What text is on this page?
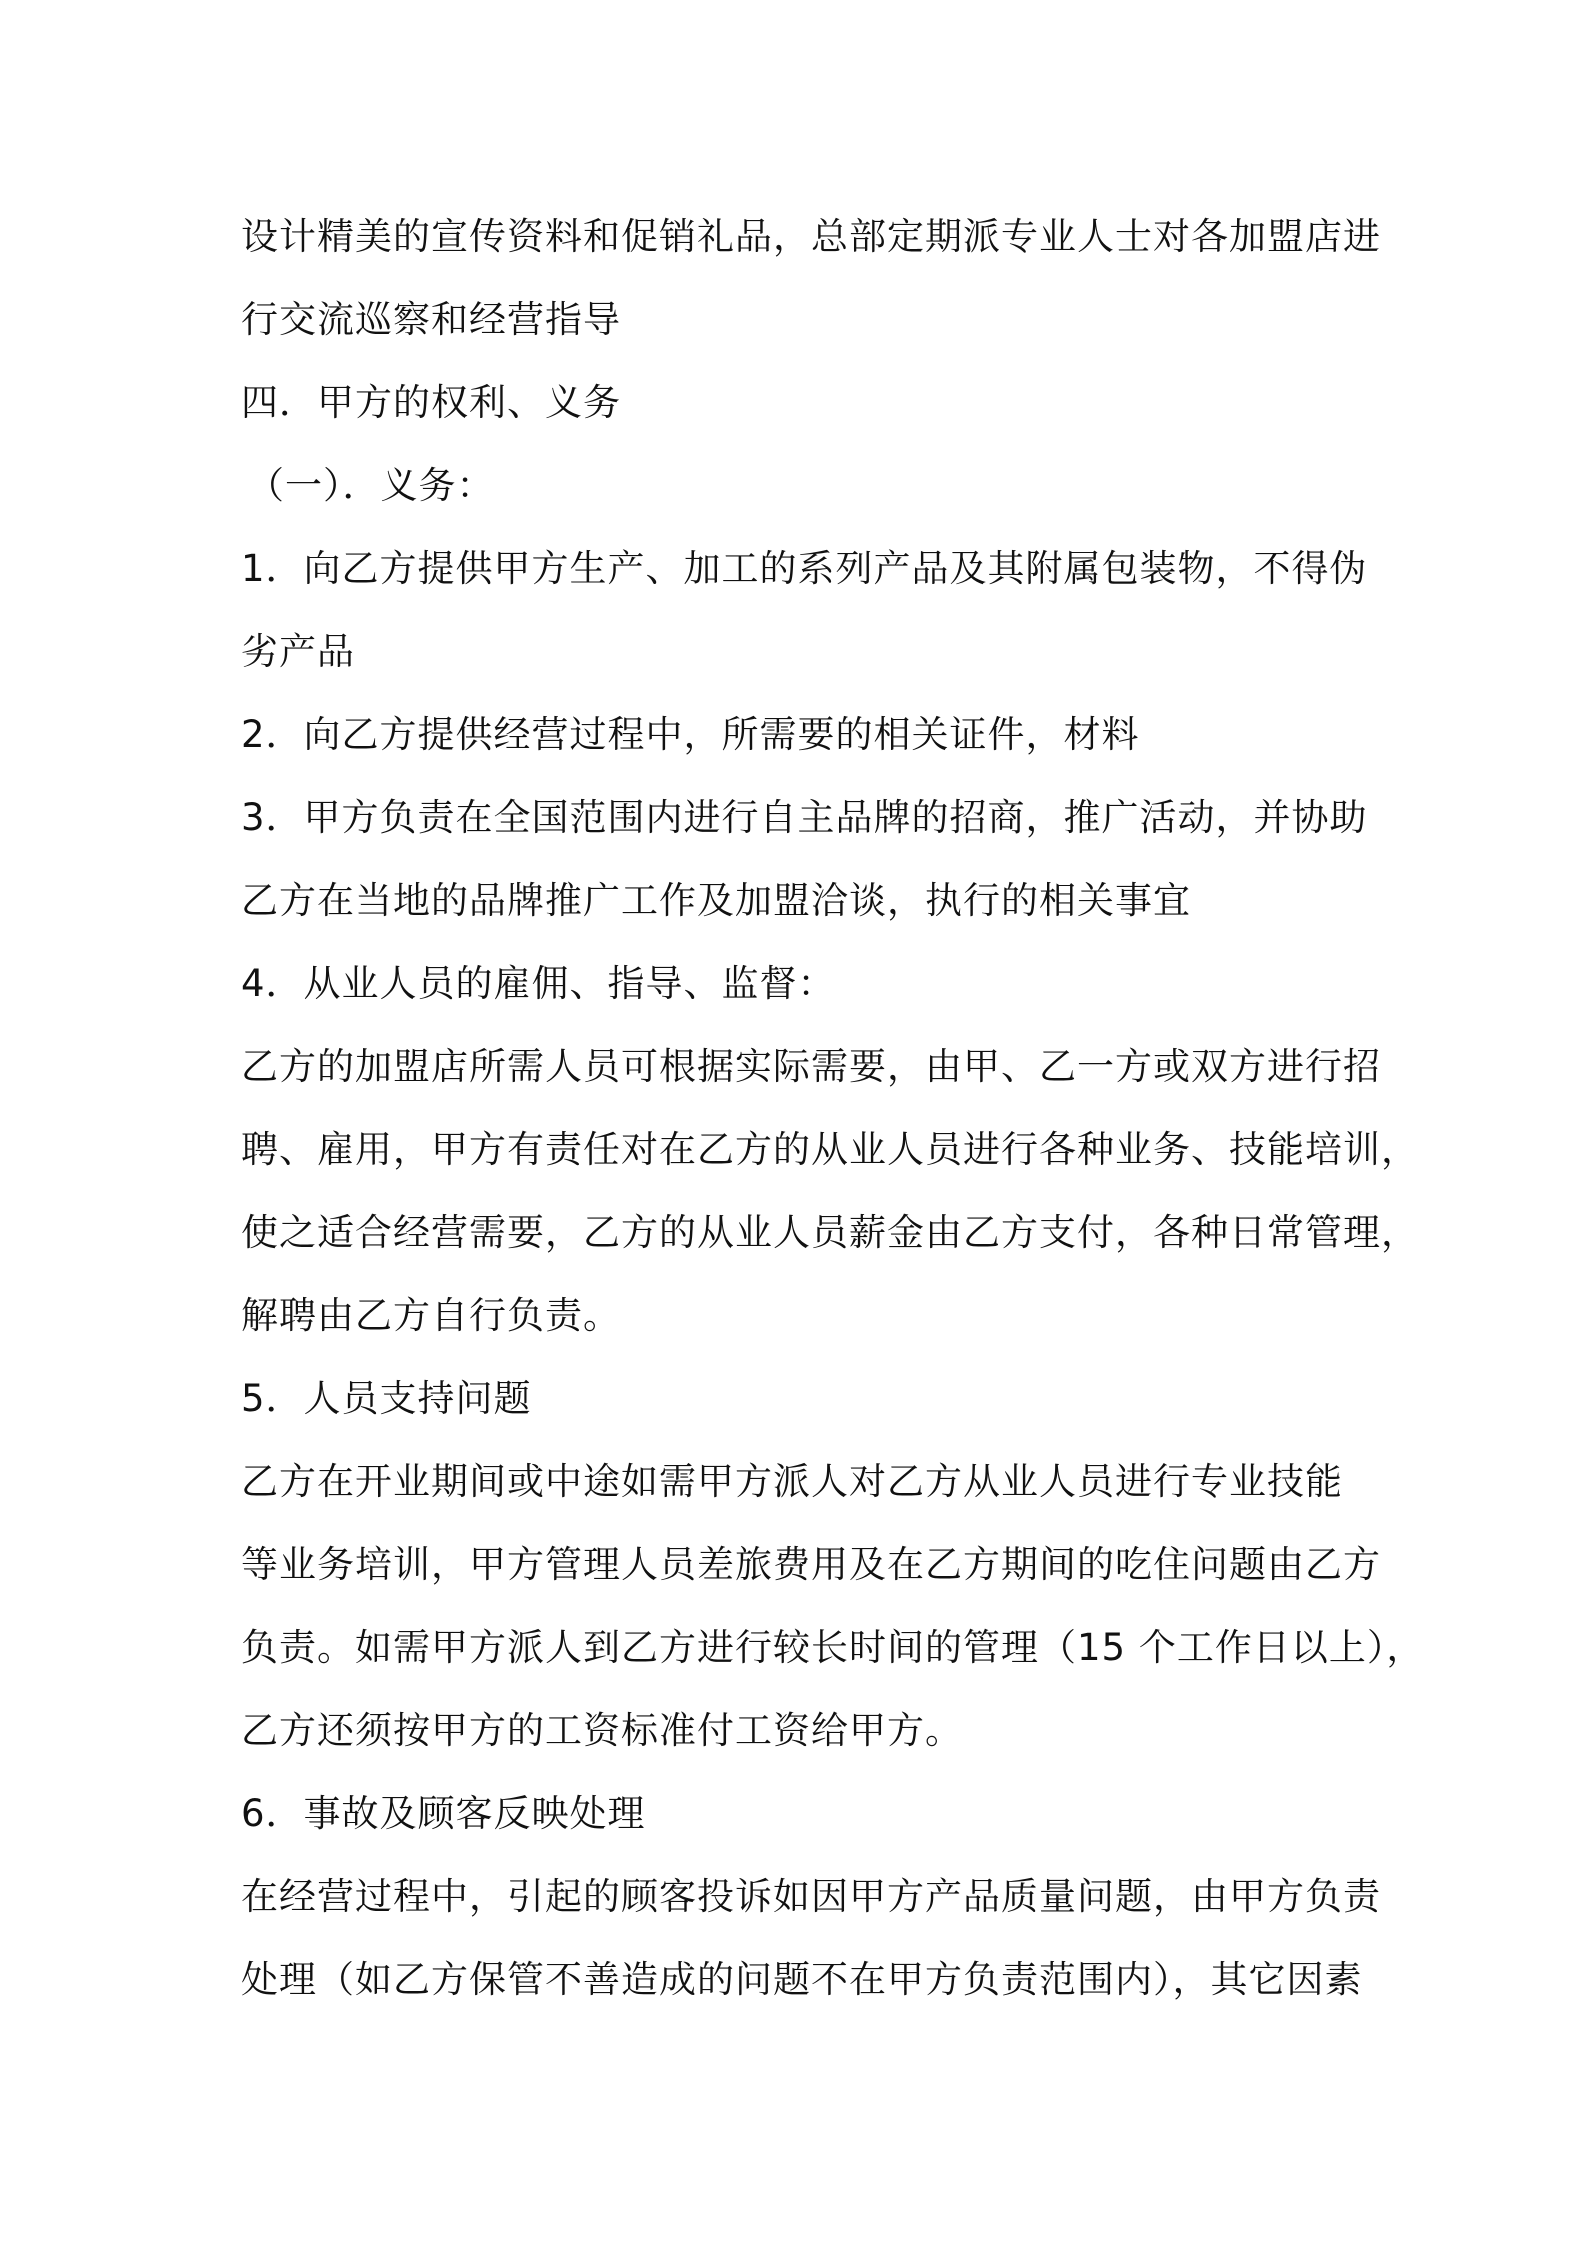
设计精美的宣传资料和促销礼品，总部定期派专业人士对各加盟店进
行交流巡察和经营指导
四．甲方的权利、义务
（一）．义务：
1．向乙方提供甲方生产、加工的系列产品及其附属包装物，不得伪
劣产品
2．向乙方提供经营过程中，所需要的相关证件，材料
3．甲方负责在全国范围内进行自主品牌的招商，推广活动，并协助
乙方在当地的品牌推广工作及加盟洽谈，执行的相关事宜
4．从业人员的雇佣、指导、监督：
乙方的加盟店所需人员可根据实际需要，由甲、乙一方或双方进行招
聘、雇用，甲方有责任对在乙方的从业人员进行各种业务、技能培训，
使之适合经营需要，乙方的从业人员薪金由乙方支付，各种日常管理，
解聘由乙方自行负责。
5．人员支持问题
乙方在开业期间或中途如需甲方派人对乙方从业人员进行专业技能
等业务培训，甲方管理人员差旅费用及在乙方期间的吃住问题由乙方
负责。如需甲方派人到乙方进行较长时间的管理（15 个工作日以上），
乙方还须按甲方的工资标准付工资给甲方。
6．事故及顾客反映处理
在经营过程中，引起的顾客投诉如因甲方产品质量问题，由甲方负责
处理（如乙方保管不善造成的问题不在甲方负责范围内），其它因素
